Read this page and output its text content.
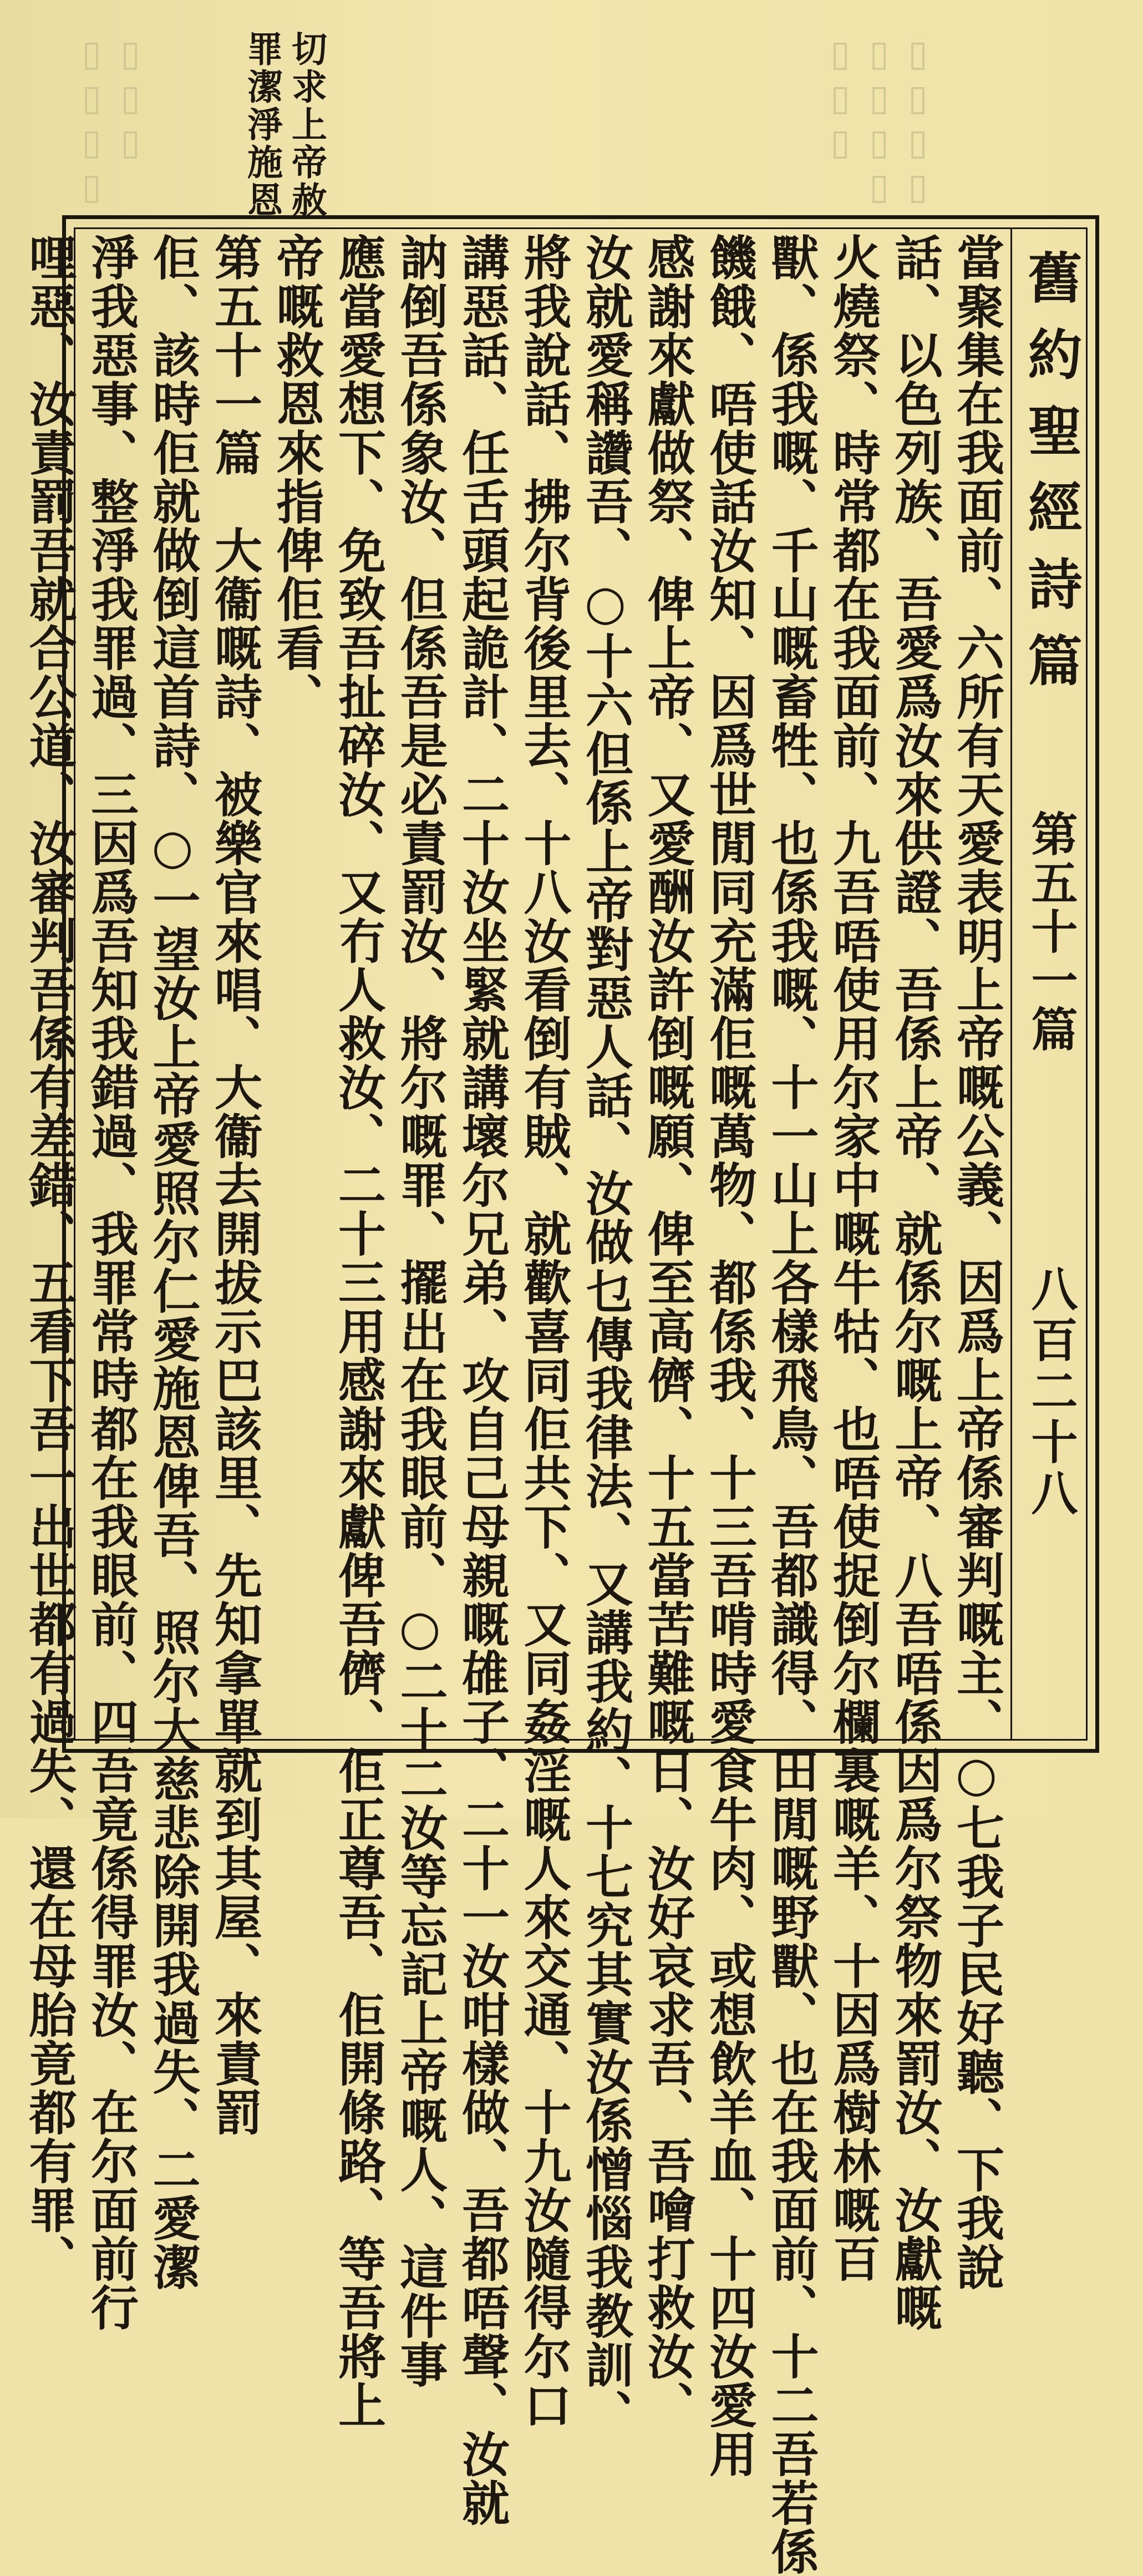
▯▯▯
▯▯▯▯	▯▯▯▯
▯▯▯▯
▯▯▯
切求上帝赦
罪潔淨施恩
舊約聖經詩篇
第五十一篇
八百二十八
當聚集在我面前、六所有天愛表明上帝嘅公義、因爲上帝係審判嘅主、○七我子民好聽、下我說
話、以色列族、吾愛爲汝來供證、吾係上帝、就係尔嘅上帝、八吾唔係因爲尔祭物來罰汝、汝獻嘅
火燒祭、時常都在我面前、九吾唔使用尔家中嘅牛牯、也唔使捉倒尔欄裏嘅羊、十因爲樹林嘅百
獸、係我嘅、千山嘅畜牲、也係我嘅、十一山上各樣飛鳥、吾都識得、田閒嘅野獸、也在我面前、十二吾若係
饑餓、唔使話汝知、因爲世閒同充滿佢嘅萬物、都係我、十三吾啃時愛食牛肉、或想飲羊血、十四汝愛用
感謝來獻做祭、俾上帝、又愛酬汝許倒嘅願、俾至高儕、十五當苦難嘅日、汝好哀求吾、吾噲打救汝、
汝就愛稱讚吾、○十六但係上帝對惡人話、汝做乜傳我律法、又講我約、十七究其實汝係憎惱我教訓、
將我說話、拂尔背後里去、十八汝看倒有賊、就歡喜同佢共下、又同姦淫嘅人來交通、十九汝隨得尔口
講惡話、任舌頭起詭計、二十汝坐緊就講壞尔兄弟、攻自己母親嘅䧺子、二十一汝咁樣做、吾都唔聲、汝就
訥倒吾係象汝、但係吾是必責罰汝、將尔嘅罪、擺出在我眼前、○二十二汝等忘記上帝嘅人、這件事
應當愛想下、免致吾扯碎汝、又冇人救汝、二十三用感謝來獻俾吾儕、佢正尊吾、佢開條路、等吾將上
帝嘅救恩來指俾佢看、
第五十一篇　大衞嘅詩、被樂官來唱、大衞去開拔示巴該里、先知拿單就到其屋、來責罰
佢、該時佢就做倒這首詩、○一望汝上帝愛照尔仁愛施恩俾吾、照尔大慈悲除開我過失、二愛潔
淨我惡事、整淨我罪過、三因爲吾知我錯過、我罪常時都在我眼前、四吾竟係得罪汝、在尔面前行
哩惡、汝責罰吾就合公道、汝審判吾係有差錯、五看下吾一出世都有過失、還在母胎竟都有罪、
